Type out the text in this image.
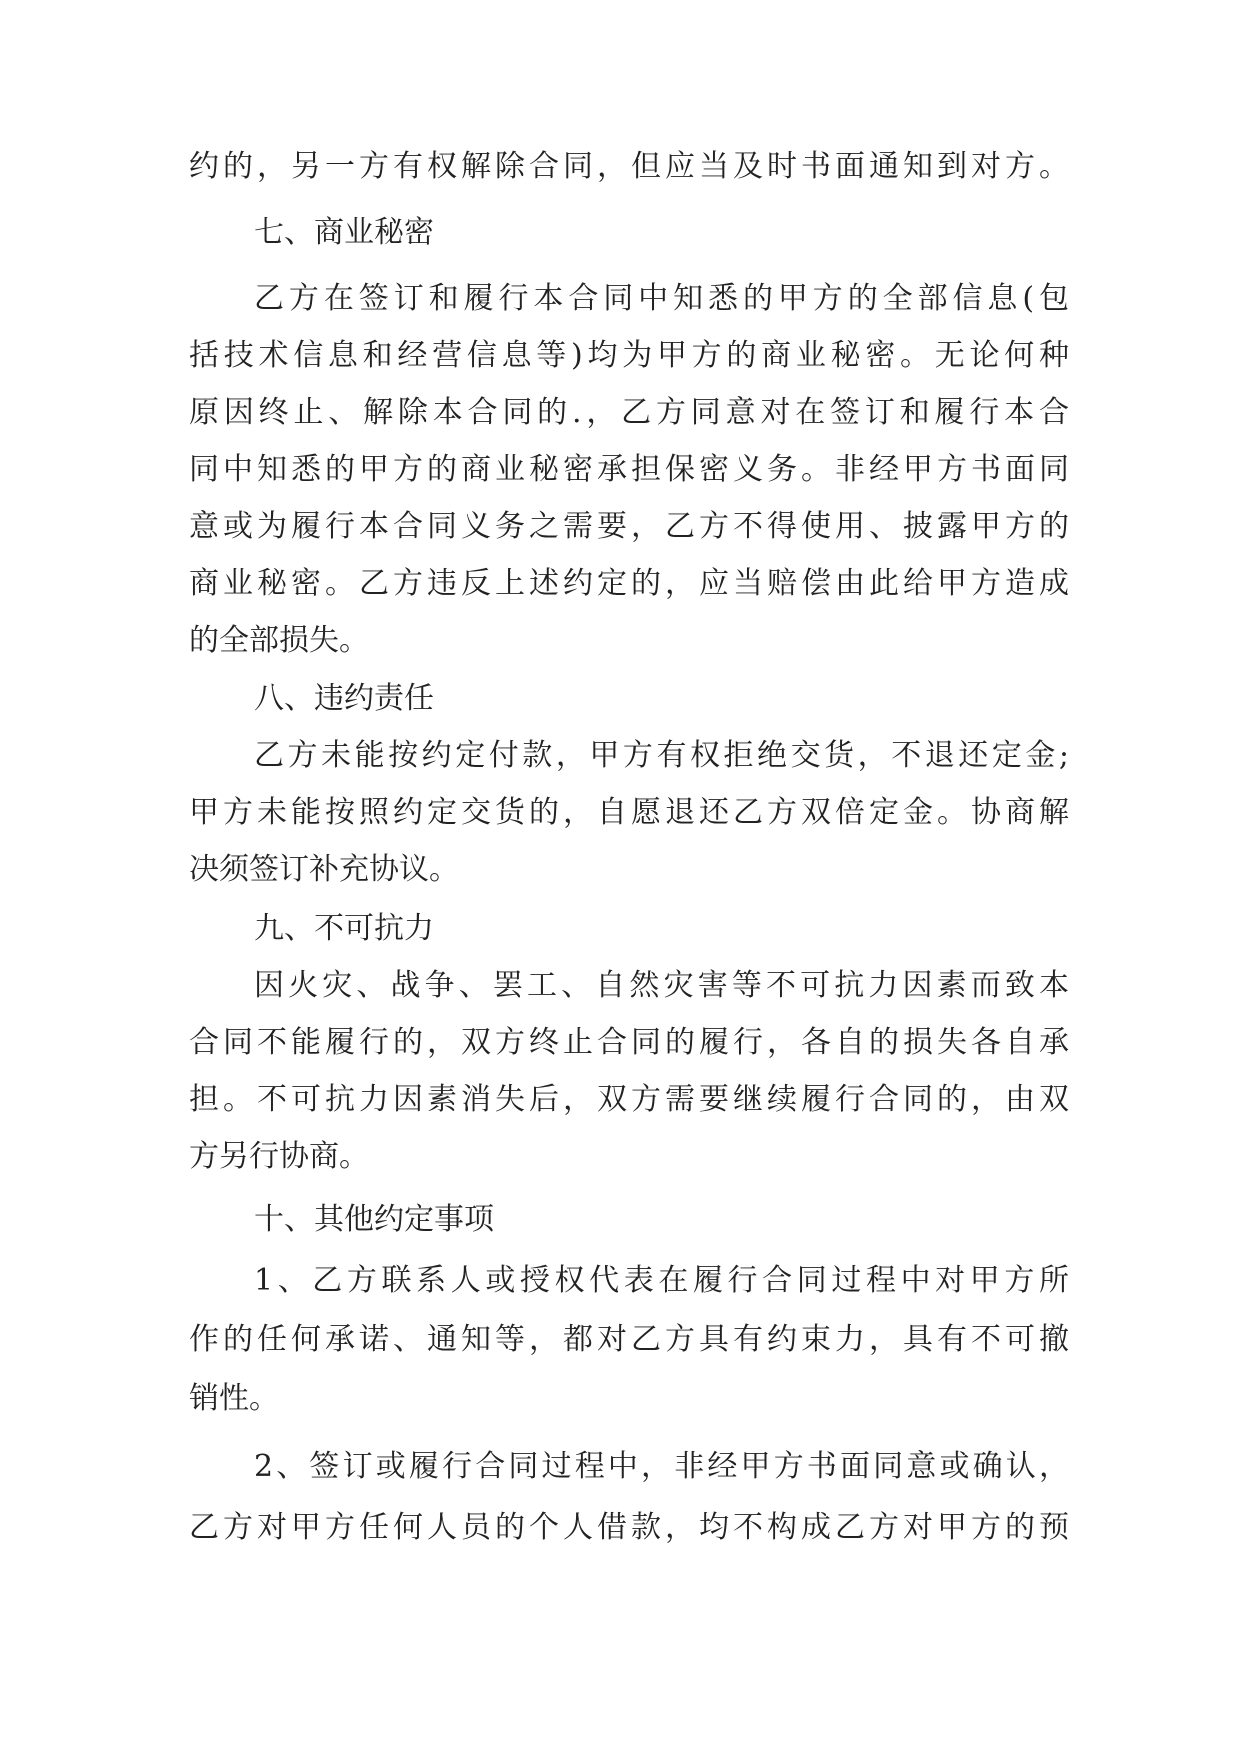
约的，另一方有权解除合同，但应当及时书面通知到对方。
七、商业秘密
乙方在签订和履行本合同中知悉的甲方的全部信息(包
括技术信息和经营信息等)均为甲方的商业秘密。无论何种
原因终止、解除本合同的.，乙方同意对在签订和履行本合
同中知悉的甲方的商业秘密承担保密义务。非经甲方书面同
意或为履行本合同义务之需要，乙方不得使用、披露甲方的
商业秘密。乙方违反上述约定的，应当赔偿由此给甲方造成
的全部损失。
八、违约责任
乙方未能按约定付款，甲方有权拒绝交货，不退还定金;
甲方未能按照约定交货的，自愿退还乙方双倍定金。协商解
决须签订补充协议。
九、不可抗力
因火灾、战争、罢工、自然灾害等不可抗力因素而致本
合同不能履行的，双方终止合同的履行，各自的损失各自承
担。不可抗力因素消失后，双方需要继续履行合同的，由双
方另行协商。
十、其他约定事项
1、乙方联系人或授权代表在履行合同过程中对甲方所
作的任何承诺、通知等，都对乙方具有约束力，具有不可撤
销性。
2、签订或履行合同过程中，非经甲方书面同意或确认，
乙方对甲方任何人员的个人借款，均不构成乙方对甲方的预
